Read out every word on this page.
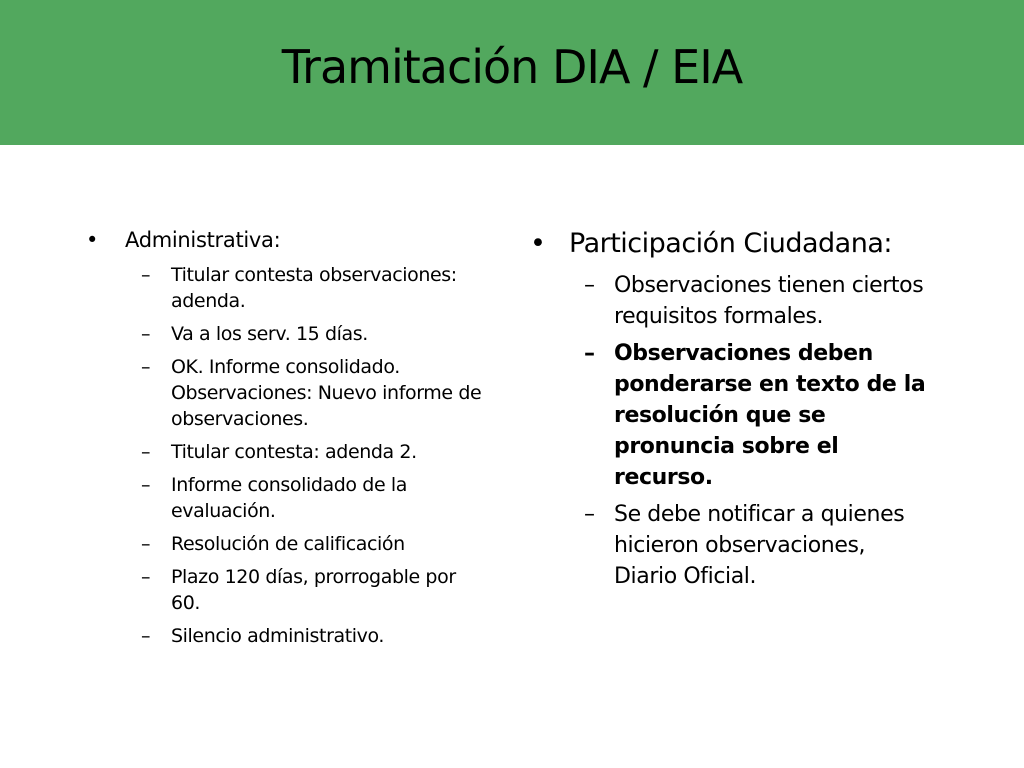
Tramitación DIA / EIA
• Administrativa:
– Titular contesta observaciones: adenda.
– Va a los serv. 15 días.
– OK. Informe consolidado. Observaciones: Nuevo informe de observaciones.
– Titular contesta: adenda 2.
– Informe consolidado de la evaluación.
– Resolución de calificación
– Plazo 120 días, prorrogable por 60.
– Silencio administrativo.
• Participación Ciudadana:
– Observaciones tienen ciertos requisitos formales.
– Observaciones deben ponderarse en texto de la resolución que se pronuncia sobre el recurso.
– Se debe notificar a quienes hicieron observaciones, Diario Oficial.
